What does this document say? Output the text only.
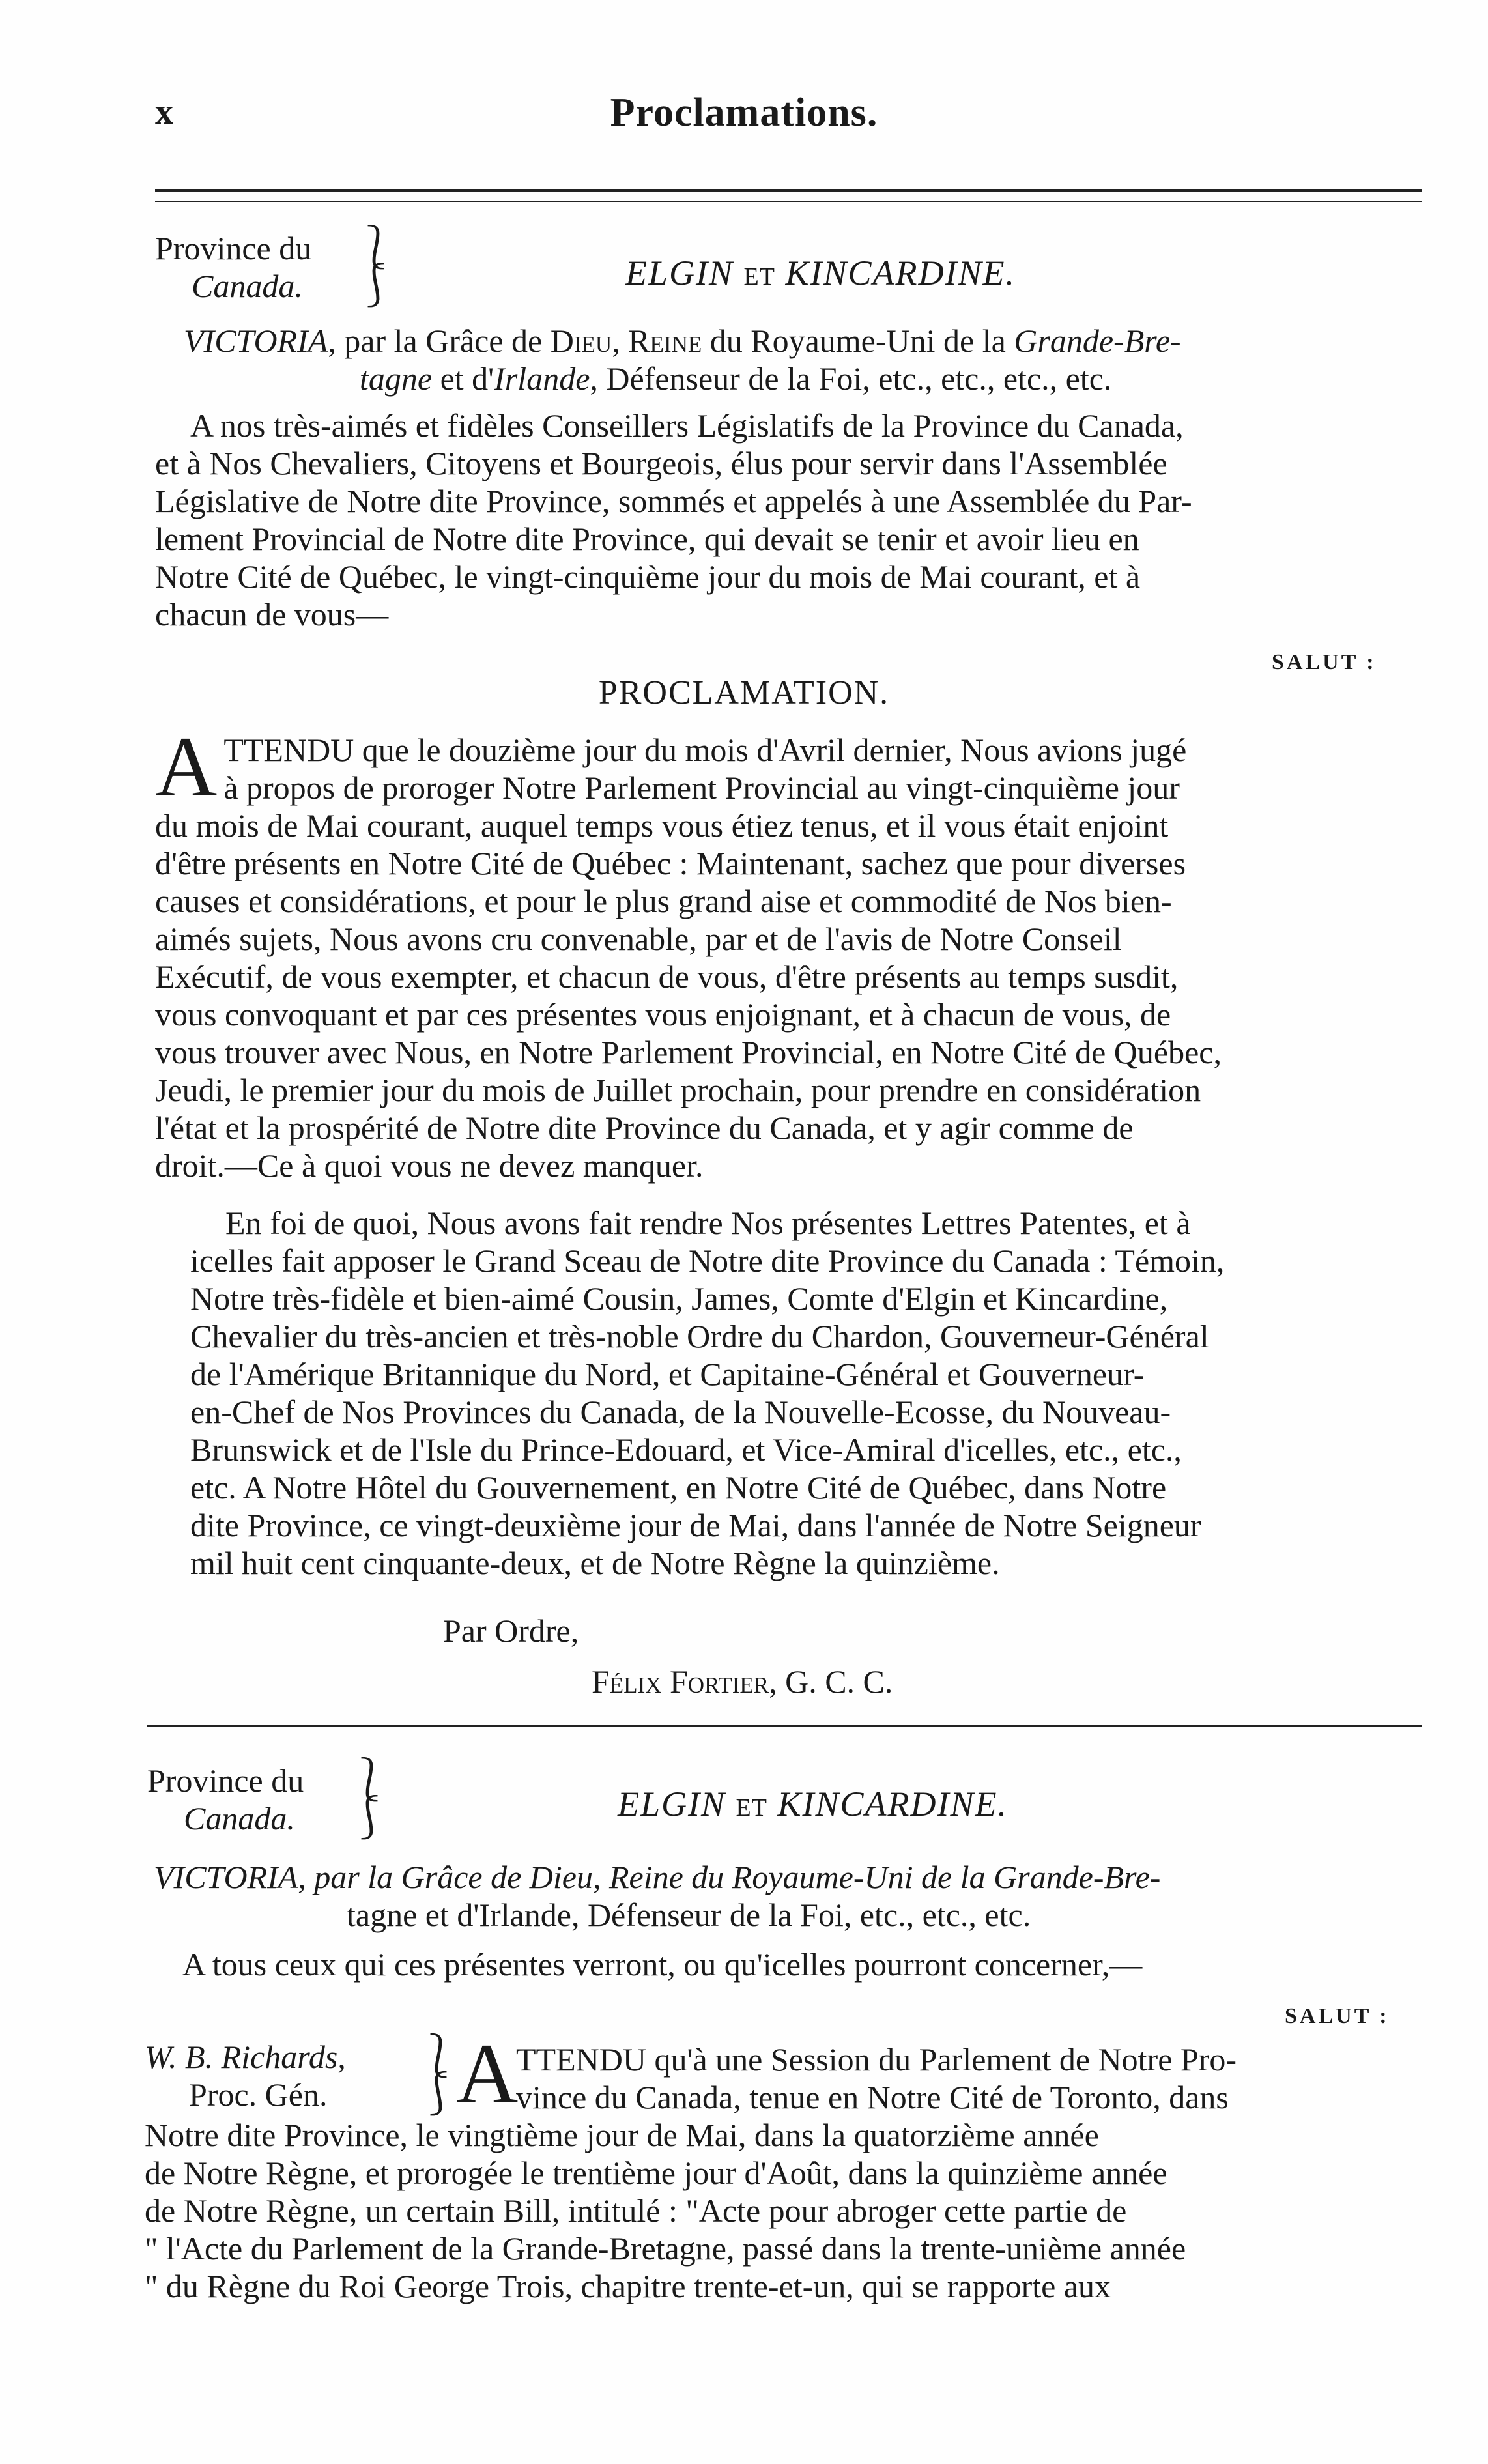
x	Proclamations.
Province du
Canada.
⎱
⎰	ELGIN ET KINCARDINE.
VICTORIA, par la Grâce de Dieu, Reine du Royaume-Uni de la Grande-Bre-
tagne et d'Irlande, Défenseur de la Foi, etc., etc., etc., etc.
A nos très-aimés et fidèles Conseillers Législatifs de la Province du Canada,
et à Nos Chevaliers, Citoyens et Bourgeois, élus pour servir dans l'Assemblée
Législative de Notre dite Province, sommés et appelés à une Assemblée du Par-
lement Provincial de Notre dite Province, qui devait se tenir et avoir lieu en
Notre Cité de Québec, le vingt-cinquième jour du mois de Mai courant, et à
chacun de vous—
SALUT :
PROCLAMATION.
A TTENDU que le douzième jour du mois d'Avril dernier, Nous avions jugé
à propos de proroger Notre Parlement Provincial au vingt-cinquième jour
du mois de Mai courant, auquel temps vous étiez tenus, et il vous était enjoint
d'être présents en Notre Cité de Québec : Maintenant, sachez que pour diverses
causes et considérations, et pour le plus grand aise et commodité de Nos bien-
aimés sujets, Nous avons cru convenable, par et de l'avis de Notre Conseil
Exécutif, de vous exempter, et chacun de vous, d'être présents au temps susdit,
vous convoquant et par ces présentes vous enjoignant, et à chacun de vous, de
vous trouver avec Nous, en Notre Parlement Provincial, en Notre Cité de Québec,
Jeudi, le premier jour du mois de Juillet prochain, pour prendre en considération
l'état et la prospérité de Notre dite Province du Canada, et y agir comme de
droit.—Ce à quoi vous ne devez manquer.
En foi de quoi, Nous avons fait rendre Nos présentes Lettres Patentes, et à
icelles fait apposer le Grand Sceau de Notre dite Province du Canada : Témoin,
Notre très-fidèle et bien-aimé Cousin, James, Comte d'Elgin et Kincardine,
Chevalier du très-ancien et très-noble Ordre du Chardon, Gouverneur-Général
de l'Amérique Britannique du Nord, et Capitaine-Général et Gouverneur-
en-Chef de Nos Provinces du Canada, de la Nouvelle-Ecosse, du Nouveau-
Brunswick et de l'Isle du Prince-Edouard, et Vice-Amiral d'icelles, etc., etc.,
etc. A Notre Hôtel du Gouvernement, en Notre Cité de Québec, dans Notre
dite Province, ce vingt-deuxième jour de Mai, dans l'année de Notre Seigneur
mil huit cent cinquante-deux, et de Notre Règne la quinzième.
Par Ordre,
Félix Fortier, G. C. C.
Province du
Canada.
⎱
⎰	ELGIN ET KINCARDINE.
VICTORIA, par la Grâce de Dieu, Reine du Royaume-Uni de la Grande-Bre-
tagne et d'Irlande, Défenseur de la Foi, etc., etc., etc.
A tous ceux qui ces présentes verront, ou qu'icelles pourront concerner,—
SALUT :
W. B. Richards,
Proc. Gén.
⎱
⎰
A
TTENDU qu'à une Session du Parlement de Notre Pro-
vince du Canada, tenue en Notre Cité de Toronto, dans
Notre dite Province, le vingtième jour de Mai, dans la quatorzième année
de Notre Règne, et prorogée le trentième jour d'Août, dans la quinzième année
de Notre Règne, un certain Bill, intitulé : "Acte pour abroger cette partie de
" l'Acte du Parlement de la Grande-Bretagne, passé dans la trente-unième année
" du Règne du Roi George Trois, chapitre trente-et-un, qui se rapporte aux
